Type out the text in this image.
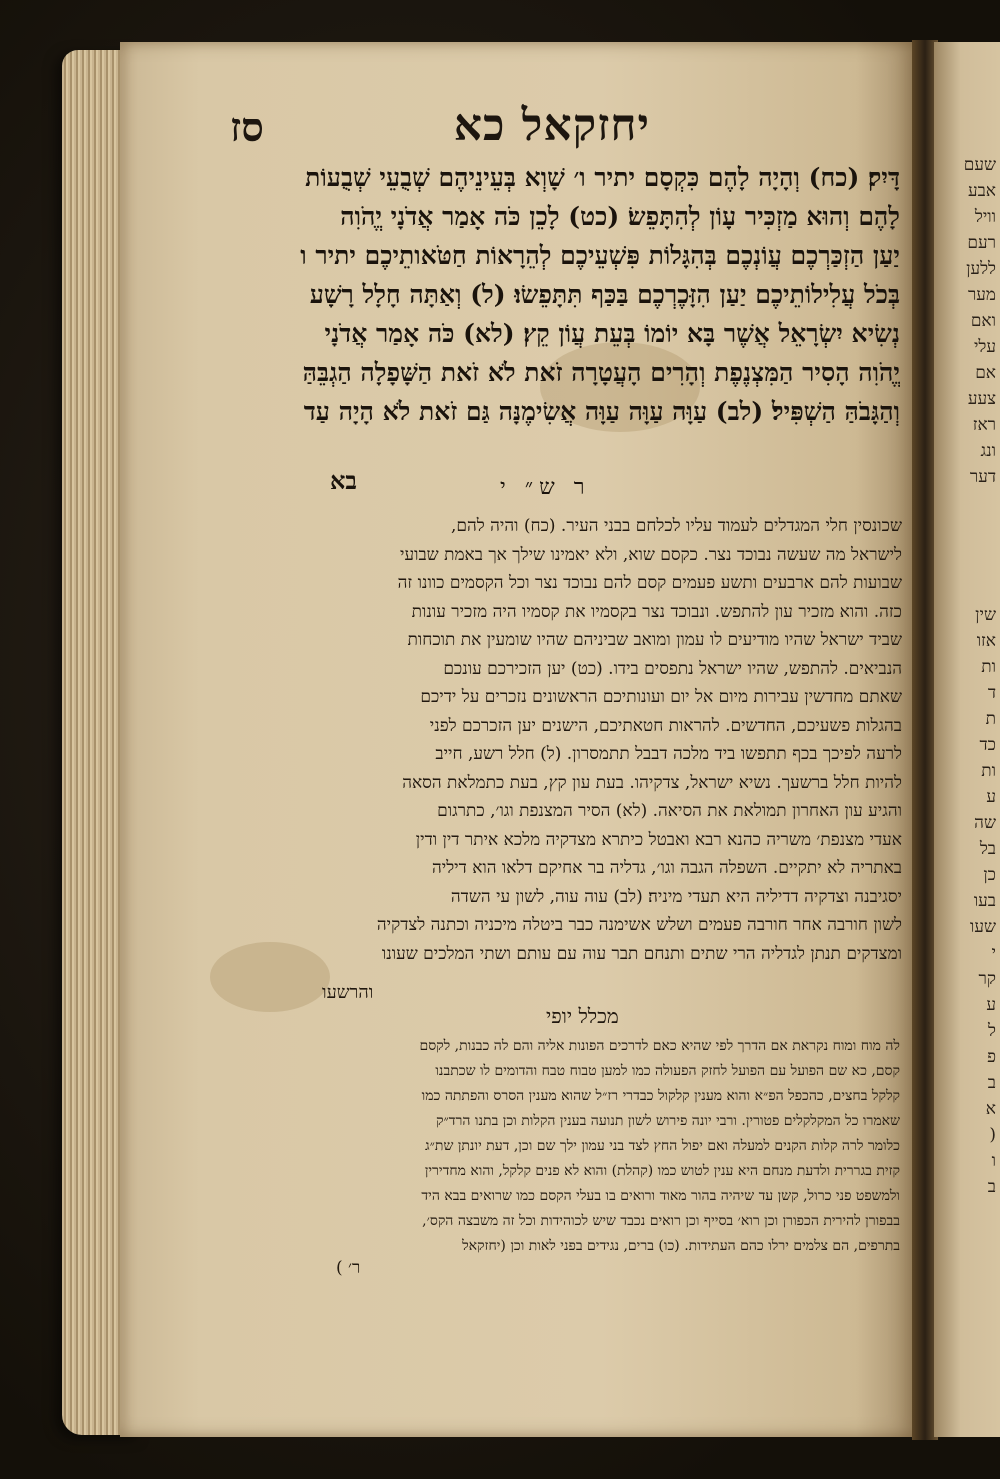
שעם
אבע
וויל
רעם
ללען
מער
ואם
עלי
אם
צעע
ראז
ונג
דער
שין
אזו
ות
ד
ת
כד
ות
ע
שה
בל
כן
בעו
שעו
י
קר
ע
ל
פ
ב
א
(
ו
ב
סז	יחזקאל כא
דָּיִק׃ (כח) וְהָיָה לָהֶם כִּקְסָם יתיר ו׳ שָׁוְא בְּעֵינֵיהֶם שְׁבֻעֵי שְׁבֻעוֹת
לָהֶם וְהוּא מַזְכִּיר עָוֹן לְהִתָּפֵשׂ׃ (כט) לָכֵן כֹּה אָמַר אֲדֹנָי יֱהֹוִה
יַעַן הַזְכַּרְכֶם עֲוֹנְכֶם בְּהִגָּלוֹת פִּשְׁעֵיכֶם לְהֵרָאוֹת חַטֹּאותֵיכֶם יתיר ו
בְּכֹל עֲלִילוֹתֵיכֶם יַעַן הִזָּכֶרְכֶם בַּכַּף תִּתָּפֵשׂוּ׃ (ל) וְאַתָּה חָלָל רָשָׁע
נְשִׂיא יִשְׂרָאֵל אֲשֶׁר בָּא יוֹמוֹ בְּעֵת עֲוֹן קֵץ׃ (לא) כֹּה אָמַר אֲדֹנָי
יֱהֹוִה הָסִיר הַמִּצְנֶפֶת וְהָרִים הָעֲטָרָה זֹאת לֹא זֹאת הַשָּׁפָלָה הַגְבֵּהַּ
וְהַגָּבֹהַּ הַשְׁפִּיל׃ (לב) עַוָּה עַוָּה עַוָּה אֲשִׂימֶנָּה גַּם זֹאת לֹא הָיָה עַד
בא	ר ש״ י
שכונסין חלי המגדלים לעמוד עליו לכלחם בבני העיר. (כח) והיה להם,
לישראל מה שעשה נבוכד נצר. כקסם שוא, ולא יאמינו שילך אך באמת שבועי
שבועות להם ארבעים ותשע פעמים קסם להם נבוכד נצר וכל הקסמים כוונו זה
כזה. והוא מזכיר עון להתפש. ונבוכד נצר בקסמיו את קסמיו היה מזכיר עונות
שביד ישראל שהיו מודיעים לו עמון ומואב שביניהם שהיו שומעין את תוכחות
הנביאים. להתפש, שהיו ישראל נתפסים בידו. (כט) יען הזכירכם עונכם
שאתם מחדשין עבירות מיום אל יום ועונותיכם הראשונים נזכרים על ידיכם
בהגלות פשעיכם, החדשים. להראות חטאתיכם, הישנים יען הזכרכם לפני
לרעה לפיכך בכף תתפשו ביד מלכה דבבל תתמסרון. (ל) חלל רשע, חייב
להיות חלל ברשעך. נשיא ישראל, צדקיהו. בעת עון קץ, בעת כתמלאת הסאה
והגיע עון האחרון תמולאת את הסיאה. (לא) הסיר המצנפת וגו׳, כתרגום
אעדי מצנפת׳ משריה כהנא רבא ואבטל כיתרא מצדקיה מלכא איתר דין ודין
באתריה לא יתקיים. השפלה הגבה וגו׳, גדליה בר אחיקם דלאו הוא דיליה
יסגיבנה וצדקיה דדיליה היא תעדי מיניה׃ (לב) עוה עוה, לשון עי השדה
לשון חורבה אחר חורבה פעמים ושלש אשימנה כבר ביטלה מיכניה וכתנה לצדקיה
ומצדקים תנתן לגדליה הרי שתים ותנחם תבר עוה עם עותם ושתי המלכים שעונו
והרשעו
מכלל יופי
לה מוח ומוח נקראת אם הדרך לפי שהיא כאם לדרכים הפונות אליה והם לה כבנות, לקסם
קסם, כא שם הפועל עם הפועל לחזק הפעולה כמו למען טבוח טבח והדומים לו שכתבנו
קלקל בחצים, כהכפל הפ״א והוא מענין קלקול כבדרי רז״ל שהוא מענין הסרס והפתתה כמו
שאמרו כל המקלקלים פטורין. ורבי יונה פירוש לשון תנועה בענין הקלות וכן בתנו הרד״ק
כלומר לרה קלות הקנים למעלה ואם יפול החץ לצד בני עמון ילך שם וכן, דעת יונתן שת״ג
קזית בגררית ולדעת מנחם היא ענין לטוש כמו (קהלת) והוא לא פנים קלקל, והוא מחדירין
ולמשפט פני כרול, קשן עד שיהיה בהור מאוד ורואים בו בעלי הקסם כמו שרואים בבא היד
בבפורן להירית הכפורן וכן רוא׳ בסייף וכן רואים נכבד שיש לכוהידות וכל זה משבצה הקס׳,
בתרפים, הם צלמים ירלו כהם העתידות. (כו) ברים, נגידים בפני לאות וכן (יחזקאל
ר׳ )
